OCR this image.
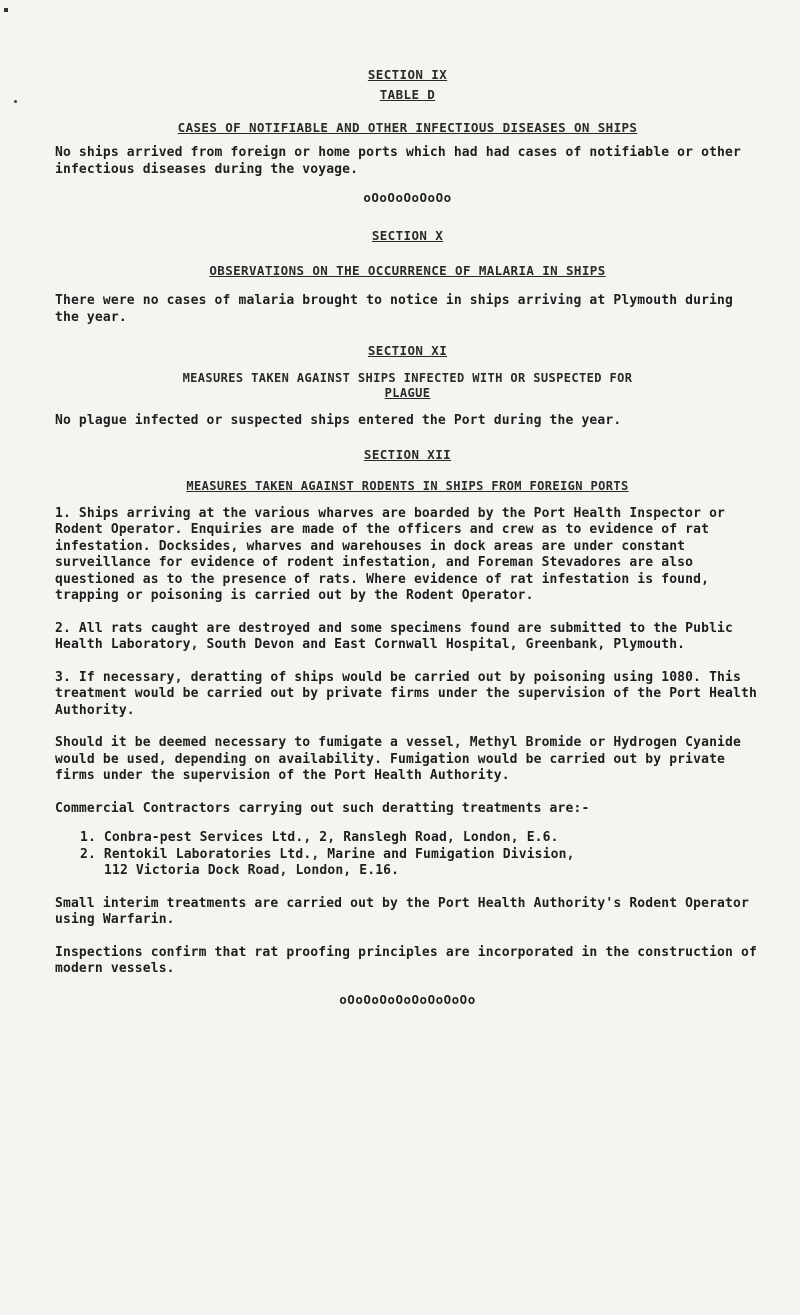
SECTION IX
TABLE D
CASES OF NOTIFIABLE AND OTHER INFECTIOUS DISEASES ON SHIPS

No ships arrived from foreign or home ports which had had cases of notifiable or other infectious diseases during the voyage.

oOoOoOoOoOo
SECTION X
OBSERVATIONS ON THE OCCURRENCE OF MALARIA IN SHIPS

There were no cases of malaria brought to notice in ships arriving at Plymouth during the year.

SECTION XI
MEASURES TAKEN AGAINST SHIPS INFECTED WITH OR SUSPECTED FOR
PLAGUE

No plague infected or suspected ships entered the Port during the year.

SECTION XII
MEASURES TAKEN AGAINST RODENTS IN SHIPS FROM FOREIGN PORTS

1. Ships arriving at the various wharves are boarded by the Port Health Inspector or Rodent Operator. Enquiries are made of the officers and crew as to evidence of rat infestation. Docksides, wharves and warehouses in dock areas are under constant surveillance for evidence of rodent infestation, and Foreman Stevadores are also questioned as to the presence of rats. Where evidence of rat infestation is found, trapping or poisoning is carried out by the Rodent Operator.

2. All rats caught are destroyed and some specimens found are submitted to the Public Health Laboratory, South Devon and East Cornwall Hospital, Greenbank, Plymouth.

3. If necessary, deratting of ships would be carried out by poisoning using 1080. This treatment would be carried out by private firms under the supervision of the Port Health Authority.

Should it be deemed necessary to fumigate a vessel, Methyl Bromide or Hydrogen Cyanide would be used, depending on availability. Fumigation would be carried out by private firms under the supervision of the Port Health Authority.

Commercial Contractors carrying out such deratting treatments are:-

1. Conbra-pest Services Ltd., 2, Ranslegh Road, London, E.6.

2. Rentokil Laboratories Ltd., Marine and Fumigation Division,

112 Victoria Dock Road, London, E.16.

Small interim treatments are carried out by the Port Health Authority's Rodent Operator using Warfarin.

Inspections confirm that rat proofing principles are incorporated in the construction of modern vessels.

oOoOoOoOoOoOoOoOo
